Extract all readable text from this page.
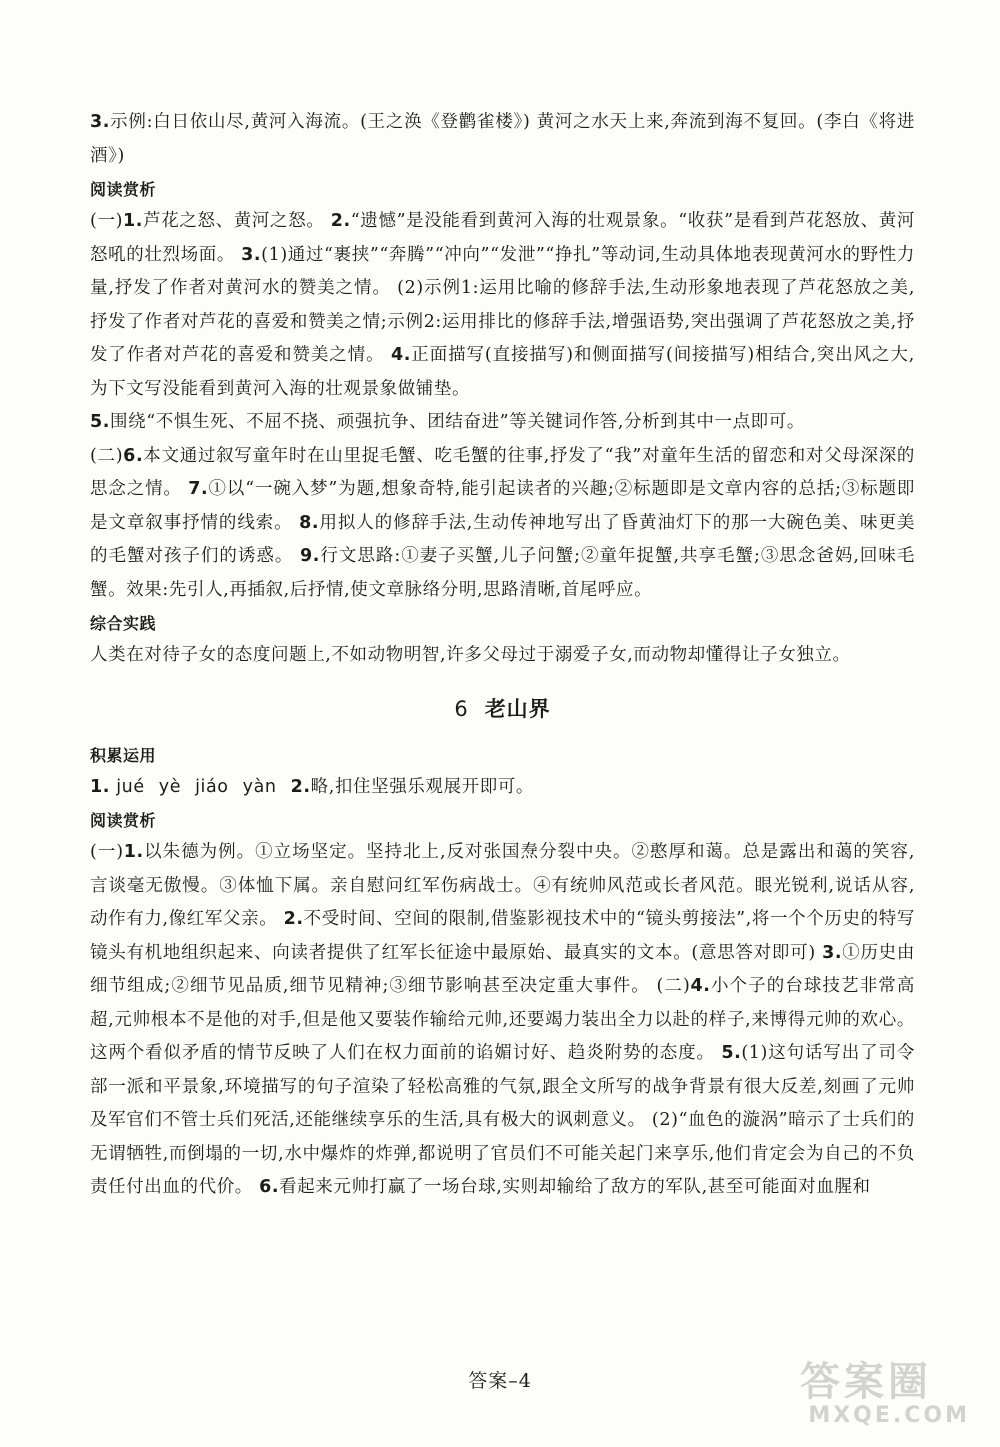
3.示例:白日依山尽,黄河入海流。(王之涣《登鹳雀楼》) 黄河之水天上来,奔流到海不复回。(李白《将进酒》)

阅读赏析

(一)1.芦花之怒、黄河之怒。 2.“遗憾”是没能看到黄河入海的壮观景象。“收获”是看到芦花怒放、黄河怒吼的壮烈场面。 3.(1)通过“裹挟”“奔腾”“冲向”“发泄”“挣扎”等动词,生动具体地表现黄河水的野性力量,抒发了作者对黄河水的赞美之情。 (2)示例1:运用比喻的修辞手法,生动形象地表现了芦花怒放之美,抒发了作者对芦花的喜爱和赞美之情;示例2:运用排比的修辞手法,增强语势,突出强调了芦花怒放之美,抒发了作者对芦花的喜爱和赞美之情。 4.正面描写(直接描写)和侧面描写(间接描写)相结合,突出风之大,为下文写没能看到黄河入海的壮观景象做铺垫。

5.围绕“不惧生死、不屈不挠、顽强抗争、团结奋进”等关键词作答,分析到其中一点即可。

(二)6.本文通过叙写童年时在山里捉毛蟹、吃毛蟹的往事,抒发了“我”对童年生活的留恋和对父母深深的思念之情。 7.①以“一碗入梦”为题,想象奇特,能引起读者的兴趣;②标题即是文章内容的总括;③标题即是文章叙事抒情的线索。 8.用拟人的修辞手法,生动传神地写出了昏黄油灯下的那一大碗色美、味更美的毛蟹对孩子们的诱惑。 9.行文思路:①妻子买蟹,儿子问蟹;②童年捉蟹,共享毛蟹;③思念爸妈,回味毛蟹。效果:先引人,再插叙,后抒情,使文章脉络分明,思路清晰,首尾呼应。

综合实践

人类在对待子女的态度问题上,不如动物明智,许多父母过于溺爱子女,而动物却懂得让子女独立。

6 老山界
积累运用

1. jué yè jiáo yàn 2.略,扣住坚强乐观展开即可。

阅读赏析

(一)1.以朱德为例。①立场坚定。坚持北上,反对张国焘分裂中央。②憨厚和蔼。总是露出和蔼的笑容,言谈毫无傲慢。③体恤下属。亲自慰问红军伤病战士。④有统帅风范或长者风范。眼光锐利,说话从容,动作有力,像红军父亲。 2.不受时间、空间的限制,借鉴影视技术中的“镜头剪接法”,将一个个历史的特写镜头有机地组织起来、向读者提供了红军长征途中最原始、最真实的文本。(意思答对即可) 3.①历史由细节组成;②细节见品质,细节见精神;③细节影响甚至决定重大事件。 (二)4.小个子的台球技艺非常高超,元帅根本不是他的对手,但是他又要装作输给元帅,还要竭力装出全力以赴的样子,来博得元帅的欢心。这两个看似矛盾的情节反映了人们在权力面前的谄媚讨好、趋炎附势的态度。 5.(1)这句话写出了司令部一派和平景象,环境描写的句子渲染了轻松高雅的气氛,跟全文所写的战争背景有很大反差,刻画了元帅及军官们不管士兵们死活,还能继续享乐的生活,具有极大的讽刺意义。 (2)“血色的漩涡”暗示了士兵们的无谓牺牲,而倒塌的一切,水中爆炸的炸弹,都说明了官员们不可能关起门来享乐,他们肯定会为自己的不负责任付出血的代价。 6.看起来元帅打赢了一场台球,实则却输给了敌方的军队,甚至可能面对血腥和

答案–4	答案圈
MXQE.COM
